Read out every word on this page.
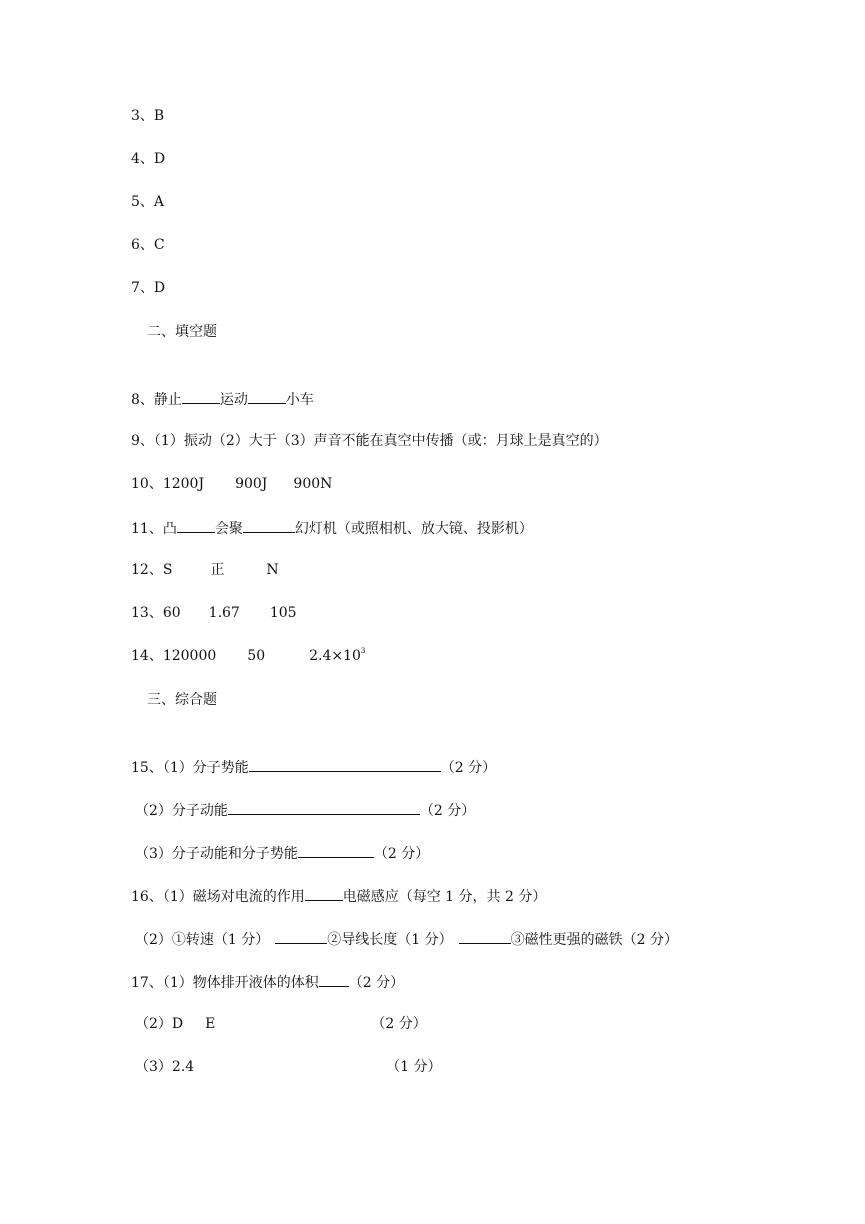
3、B
4、D
5、A
6、C
7、D
二、填空题
8、静止	运动	小车
9、（1）振动（2）大于（3）声音不能在真空中传播（或：月球上是真空的）
10、1200J 900J 900N
11、凸	会聚	幻灯机（或照相机、放大镜、投影机）
12、S	正	N
13、60 1.67 105
14、120000 50	$2.4\times 10^3$
三、综合题
15、（1）分子势能	（2 分）
（2）分子动能	（2 分）
（3）分子动能和分子势能	（2 分）
16、（1）磁场对电流的作用	电磁感应（每空 1 分，共 2 分）
（2）①转速（1 分）	②导线长度（1 分）	③磁性更强的磁铁（2 分）
17、（1）物体排开液体的体积 （2 分）
（2）D E	（2 分）
（3）2.4	（1 分）
